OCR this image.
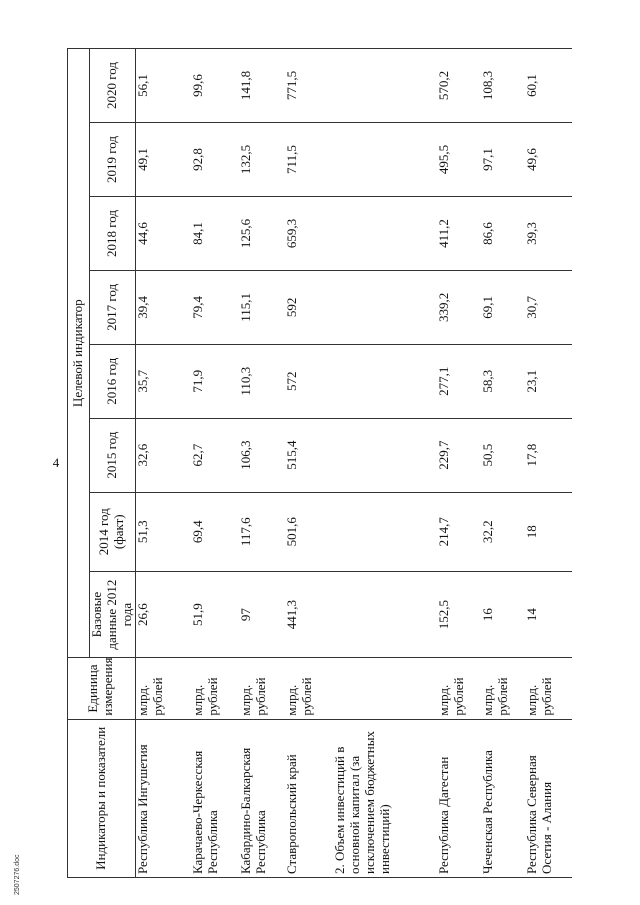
4
Индикаторы и показатели	Единица измерения	Целевой индикатор							
		Базовые данные 2012 года	2014 год (факт)	2015 год	2016 год	2017 год	2018 год	2019 год	2020 год

Республика Ингушетия	млрд. рублей	26,6	51,3	32,6	35,7	39,4	44,6	49,1	56,1
Карачаево-Черкесская Республика	млрд. рублей	51,9	69,4	62,7	71,9	79,4	84,1	92,8	99,6
Кабардино-Балкарская Республика	млрд. рублей	97	117,6	106,3	110,3	115,1	125,6	132,5	141,8
Ставропольский край	млрд. рублей	441,3	501,6	515,4	572	592	659,3	711,5	771,5
2. Объем инвестиций в основной капитал (за исключением бюджетных инвестиций)									
Республика Дагестан	млрд. рублей	152,5	214,7	229,7	277,1	339,2	411,2	495,5	570,2
Чеченская Республика	млрд. рублей	16	32,2	50,5	58,3	69,1	86,6	97,1	108,3
Республика Северная Осетия - Алания	млрд. рублей	14	18	17,8	23,1	30,7	39,3	49,6	60,1
2507276.doc
